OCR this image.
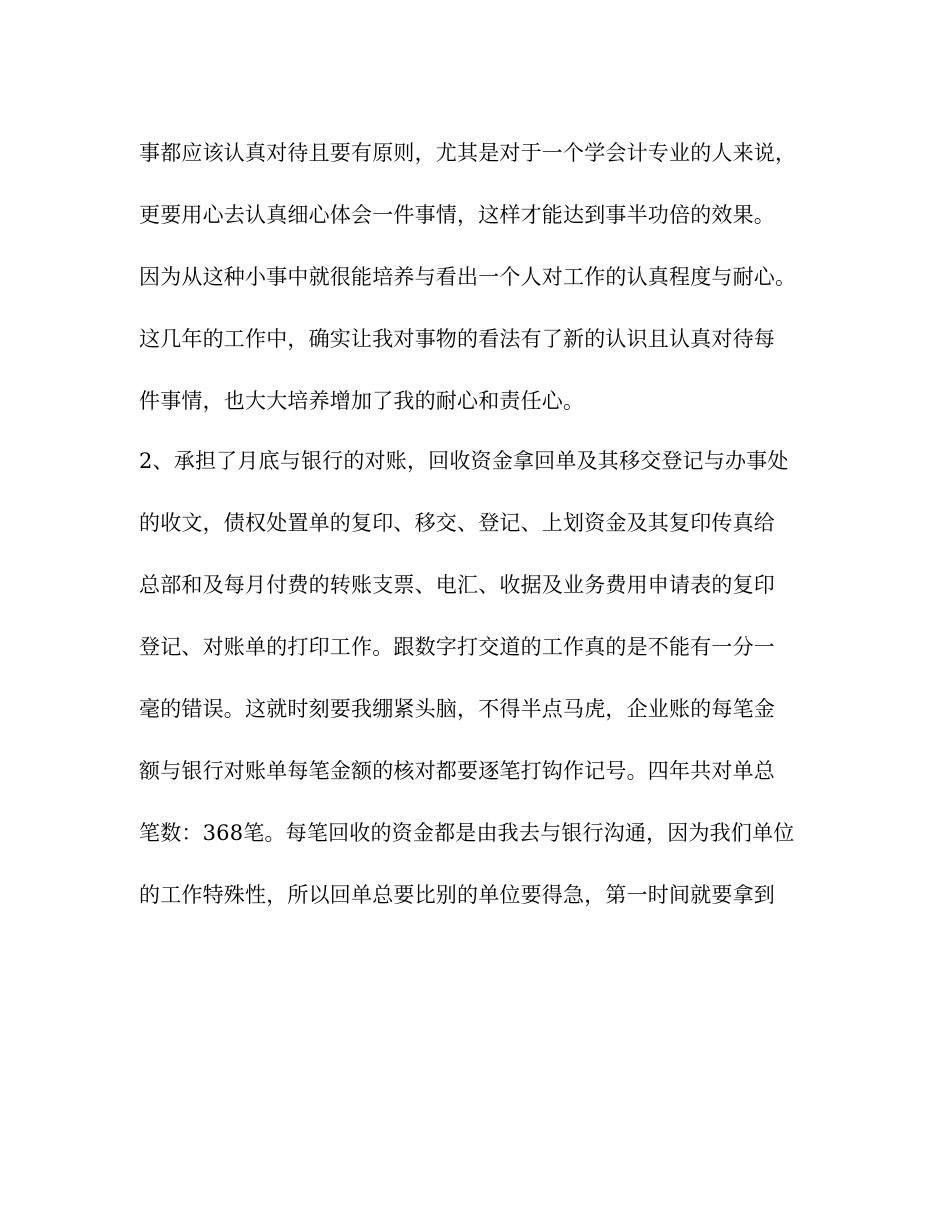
事都应该认真对待且要有原则，尤其是对于一个学会计专业的人来说，

更要用心去认真细心体会一件事情，这样才能达到事半功倍的效果。

因为从这种小事中就很能培养与看出一个人对工作的认真程度与耐心。

这几年的工作中，确实让我对事物的看法有了新的认识且认真对待每

件事情，也大大培养增加了我的耐心和责任心。

2、承担了月底与银行的对账，回收资金拿回单及其移交登记与办事处

的收文，债权处置单的复印、移交、登记、上划资金及其复印传真给

总部和及每月付费的转账支票、电汇、收据及业务费用申请表的复印

登记、对账单的打印工作。跟数字打交道的工作真的是不能有一分一

毫的错误。这就时刻要我绷紧头脑，不得半点马虎，企业账的每笔金

额与银行对账单每笔金额的核对都要逐笔打钩作记号。四年共对单总

笔数：368笔。每笔回收的资金都是由我去与银行沟通，因为我们单位

的工作特殊性，所以回单总要比别的单位要得急，第一时间就要拿到
